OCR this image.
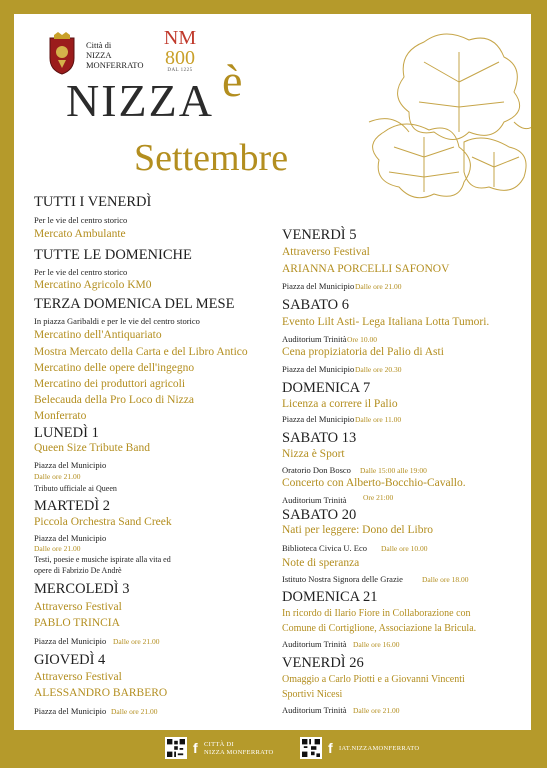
Città di
NIZZA
MONFERRATO
NM
800
DAL 1225
NIZZA è
Settembre
TUTTI I VENERDÌ
Per le vie del centro storico
Mercato Ambulante
TUTTE LE DOMENICHE
Per le vie del centro storico
Mercatino Agricolo KM0
TERZA DOMENICA DEL MESE
In piazza Garibaldi e per le vie del centro storico
Mercatino dell'Antiquariato
Mostra Mercato della Carta e del Libro Antico
Mercatino delle opere dell'ingegno
Mercatino dei produttori agricoli
Belecauda della Pro Loco di Nizza
Monferrato
LUNEDÌ 1
Queen Size Tribute Band
Piazza del Municipio
Dalle ore 21.00
Tributo ufficiale ai Queen
MARTEDÌ 2
Piccola Orchestra Sand Creek
Piazza del Municipio
Dalle ore 21.00
Testi, poesie e musiche ispirate alla vita ed
opere di Fabrizio De Andrè
MERCOLEDÌ 3
Attraverso Festival
PABLO TRINCIA
Piazza del Municipio Dalle ore 21.00
GIOVEDÌ 4
Attraverso Festival
ALESSANDRO BARBERO
Piazza del Municipio Dalle ore 21.00
VENERDÌ 5
Attraverso Festival
ARIANNA PORCELLI SAFONOV
Piazza del Municipio Dalle ore 21.00
SABATO 6
Evento Lilt Asti- Lega Italiana Lotta Tumori.
Auditorium Trinità Ore 10.00
Cena propiziatoria del Palio di Asti
Piazza del Municipio Dalle ore 20.30
DOMENICA 7
Licenza a correre il Palio
Piazza del Municipio Dalle ore 11.00
SABATO 13
Nizza è Sport
Oratorio Don Bosco Dalle 15:00 alle 19:00
Concerto con Alberto-Bocchio-Cavallo.
Auditorium Trinità Ore 21:00
SABATO 20
Nati per leggere: Dono del Libro
Biblioteca Civica U. Eco Dalle ore 10.00
Note di speranza
Istituto Nostra Signora delle Grazie	Dalle ore 18.00
DOMENICA 21
In ricordo di Ilario Fiore in Collaborazione con
Comune di Cortiglione, Associazione la Bricula.
Auditorium Trinità Dalle ore 16.00
VENERDÌ 26
Omaggio a Carlo Piotti e a Giovanni Vincenti
Sportivi Nicesi
Auditorium Trinità Dalle ore 21.00
f CITTÀ DI
NIZZA MONFERRATO	f IAT.NIZZAMONFERRATO
